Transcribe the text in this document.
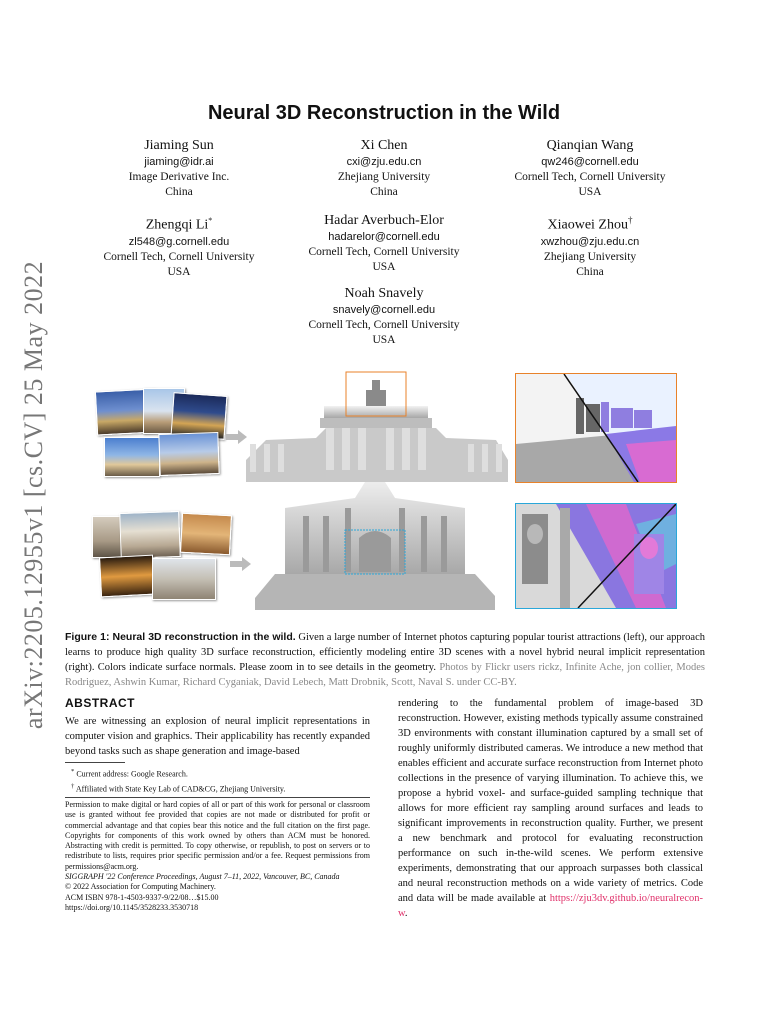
arXiv:2205.12955v1 [cs.CV] 25 May 2022
Neural 3D Reconstruction in the Wild
Jiaming Sun
jiaming@idr.ai
Image Derivative Inc.
China
Xi Chen
cxi@zju.edu.cn
Zhejiang University
China
Qianqian Wang
qw246@cornell.edu
Cornell Tech, Cornell University
USA
Zhengqi Li*
zl548@g.cornell.edu
Cornell Tech, Cornell University
USA
Hadar Averbuch-Elor
hadarelor@cornell.edu
Cornell Tech, Cornell University
USA
Xiaowei Zhou†
xwzhou@zju.edu.cn
Zhejiang University
China
Noah Snavely
snavely@cornell.edu
Cornell Tech, Cornell University
USA
Figure 1: Neural 3D reconstruction in the wild. Given a large number of Internet photos capturing popular tourist attractions (left), our approach learns to produce high quality 3D surface reconstruction, efficiently modeling entire 3D scenes with a novel hybrid neural implicit representation (right). Colors indicate surface normals. Please zoom in to see details in the geometry. Photos by Flickr users rickz, Infinite Ache, jon collier, Modes Rodriguez, Ashwin Kumar, Richard Cyganiak, David Lebech, Matt Drobnik, Scott, Naval S. under CC-BY.
ABSTRACT
We are witnessing an explosion of neural implicit representations in computer vision and graphics. Their applicability has recently expanded beyond tasks such as shape generation and image-based
* Current address: Google Research.
† Affiliated with State Key Lab of CAD&CG, Zhejiang University.
Permission to make digital or hard copies of all or part of this work for personal or classroom use is granted without fee provided that copies are not made or distributed for profit or commercial advantage and that copies bear this notice and the full citation on the first page. Copyrights for components of this work owned by others than ACM must be honored. Abstracting with credit is permitted. To copy otherwise, or republish, to post on servers or to redistribute to lists, requires prior specific permission and/or a fee. Request permissions from permissions@acm.org.
SIGGRAPH '22 Conference Proceedings, August 7–11, 2022, Vancouver, BC, Canada
© 2022 Association for Computing Machinery.
ACM ISBN 978-1-4503-9337-9/22/08…$15.00
https://doi.org/10.1145/3528233.3530718
rendering to the fundamental problem of image-based 3D reconstruction. However, existing methods typically assume constrained 3D environments with constant illumination captured by a small set of roughly uniformly distributed cameras. We introduce a new method that enables efficient and accurate surface reconstruction from Internet photo collections in the presence of varying illumination. To achieve this, we propose a hybrid voxel- and surface-guided sampling technique that allows for more efficient ray sampling around surfaces and leads to significant improvements in reconstruction quality. Further, we present a new benchmark and protocol for evaluating reconstruction performance on such in-the-wild scenes. We perform extensive experiments, demonstrating that our approach surpasses both classical and neural reconstruction methods on a wide variety of metrics. Code and data will be made available at https://zju3dv.github.io/neuralrecon-w.
